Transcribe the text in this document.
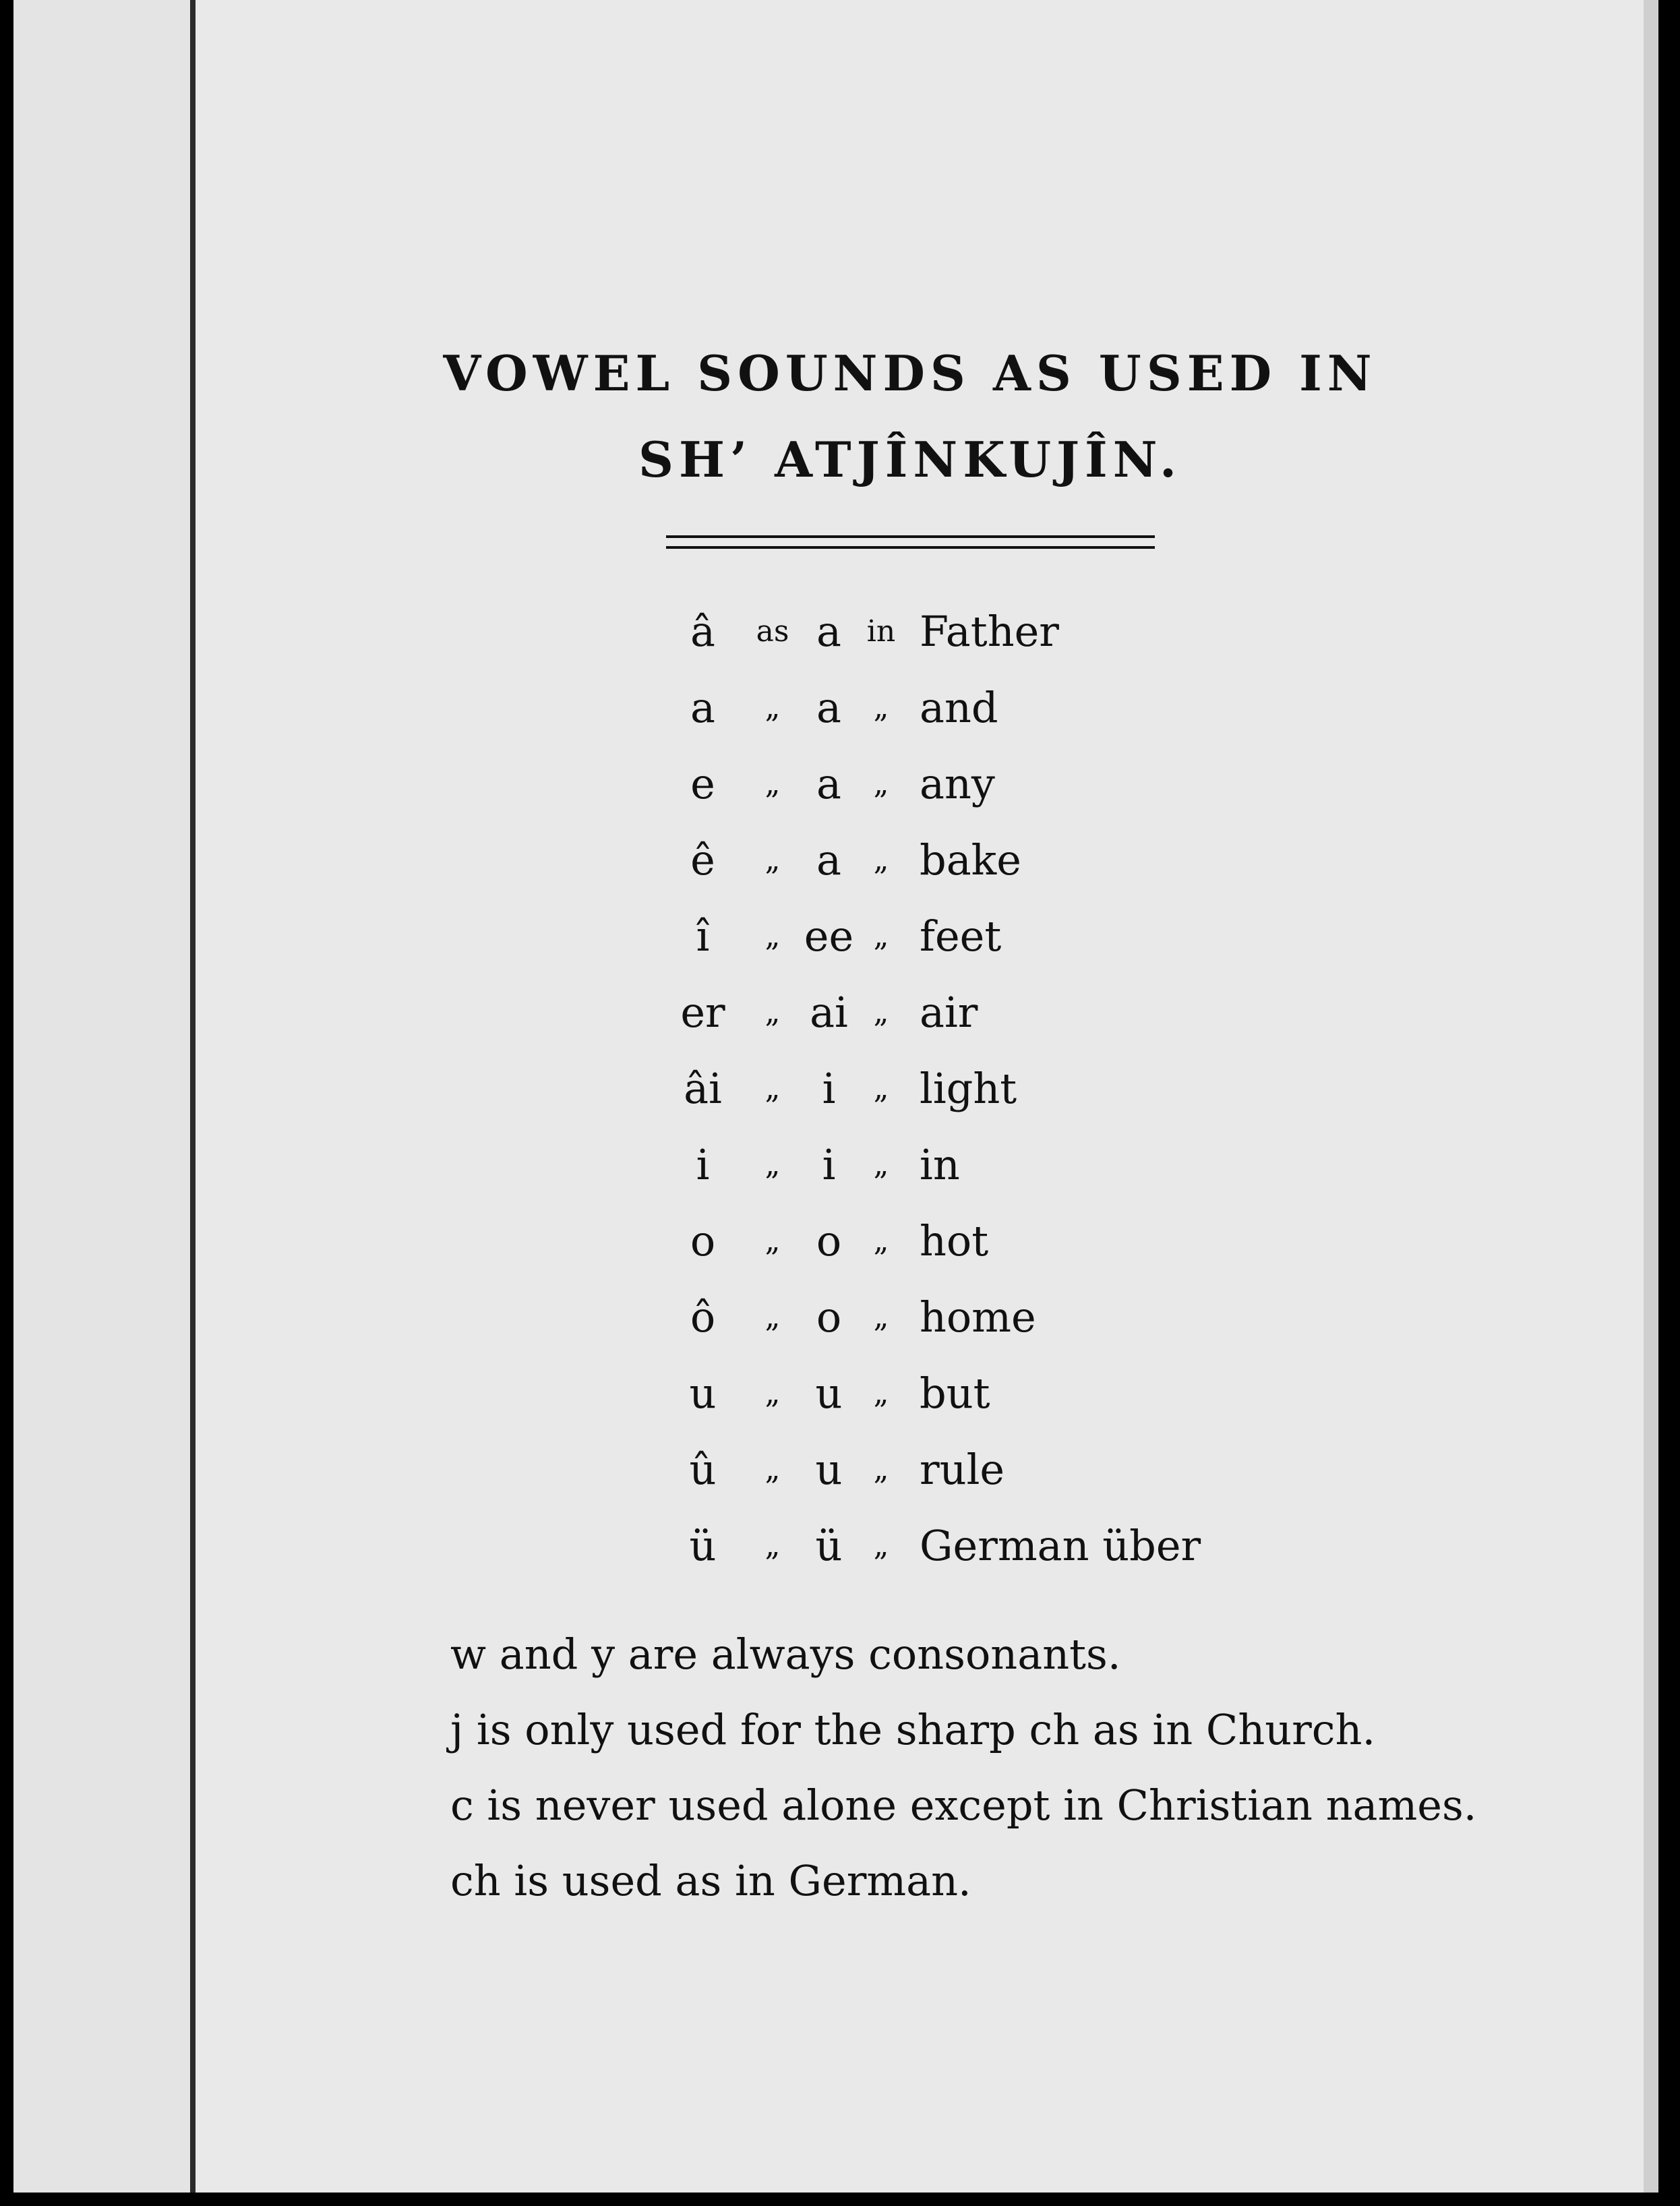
VOWEL SOUNDS AS USED IN
SH’ ATJÎNKUJÎN.
â	as	a	in	Father
a	„	a	„	and
e	„	a	„	any
ê	„	a	„	bake
î	„	ee	„	feet
er	„	ai	„	air
âi	„	i	„	light
i	„	i	„	in
o	„	o	„	hot
ô	„	o	„	home
u	„	u	„	but
û	„	u	„	rule
ü	„	ü	„	German über
w and y are always consonants.
j is only used for the sharp ch as in Church.
c is never used alone except in Christian names.
ch is used as in German.
